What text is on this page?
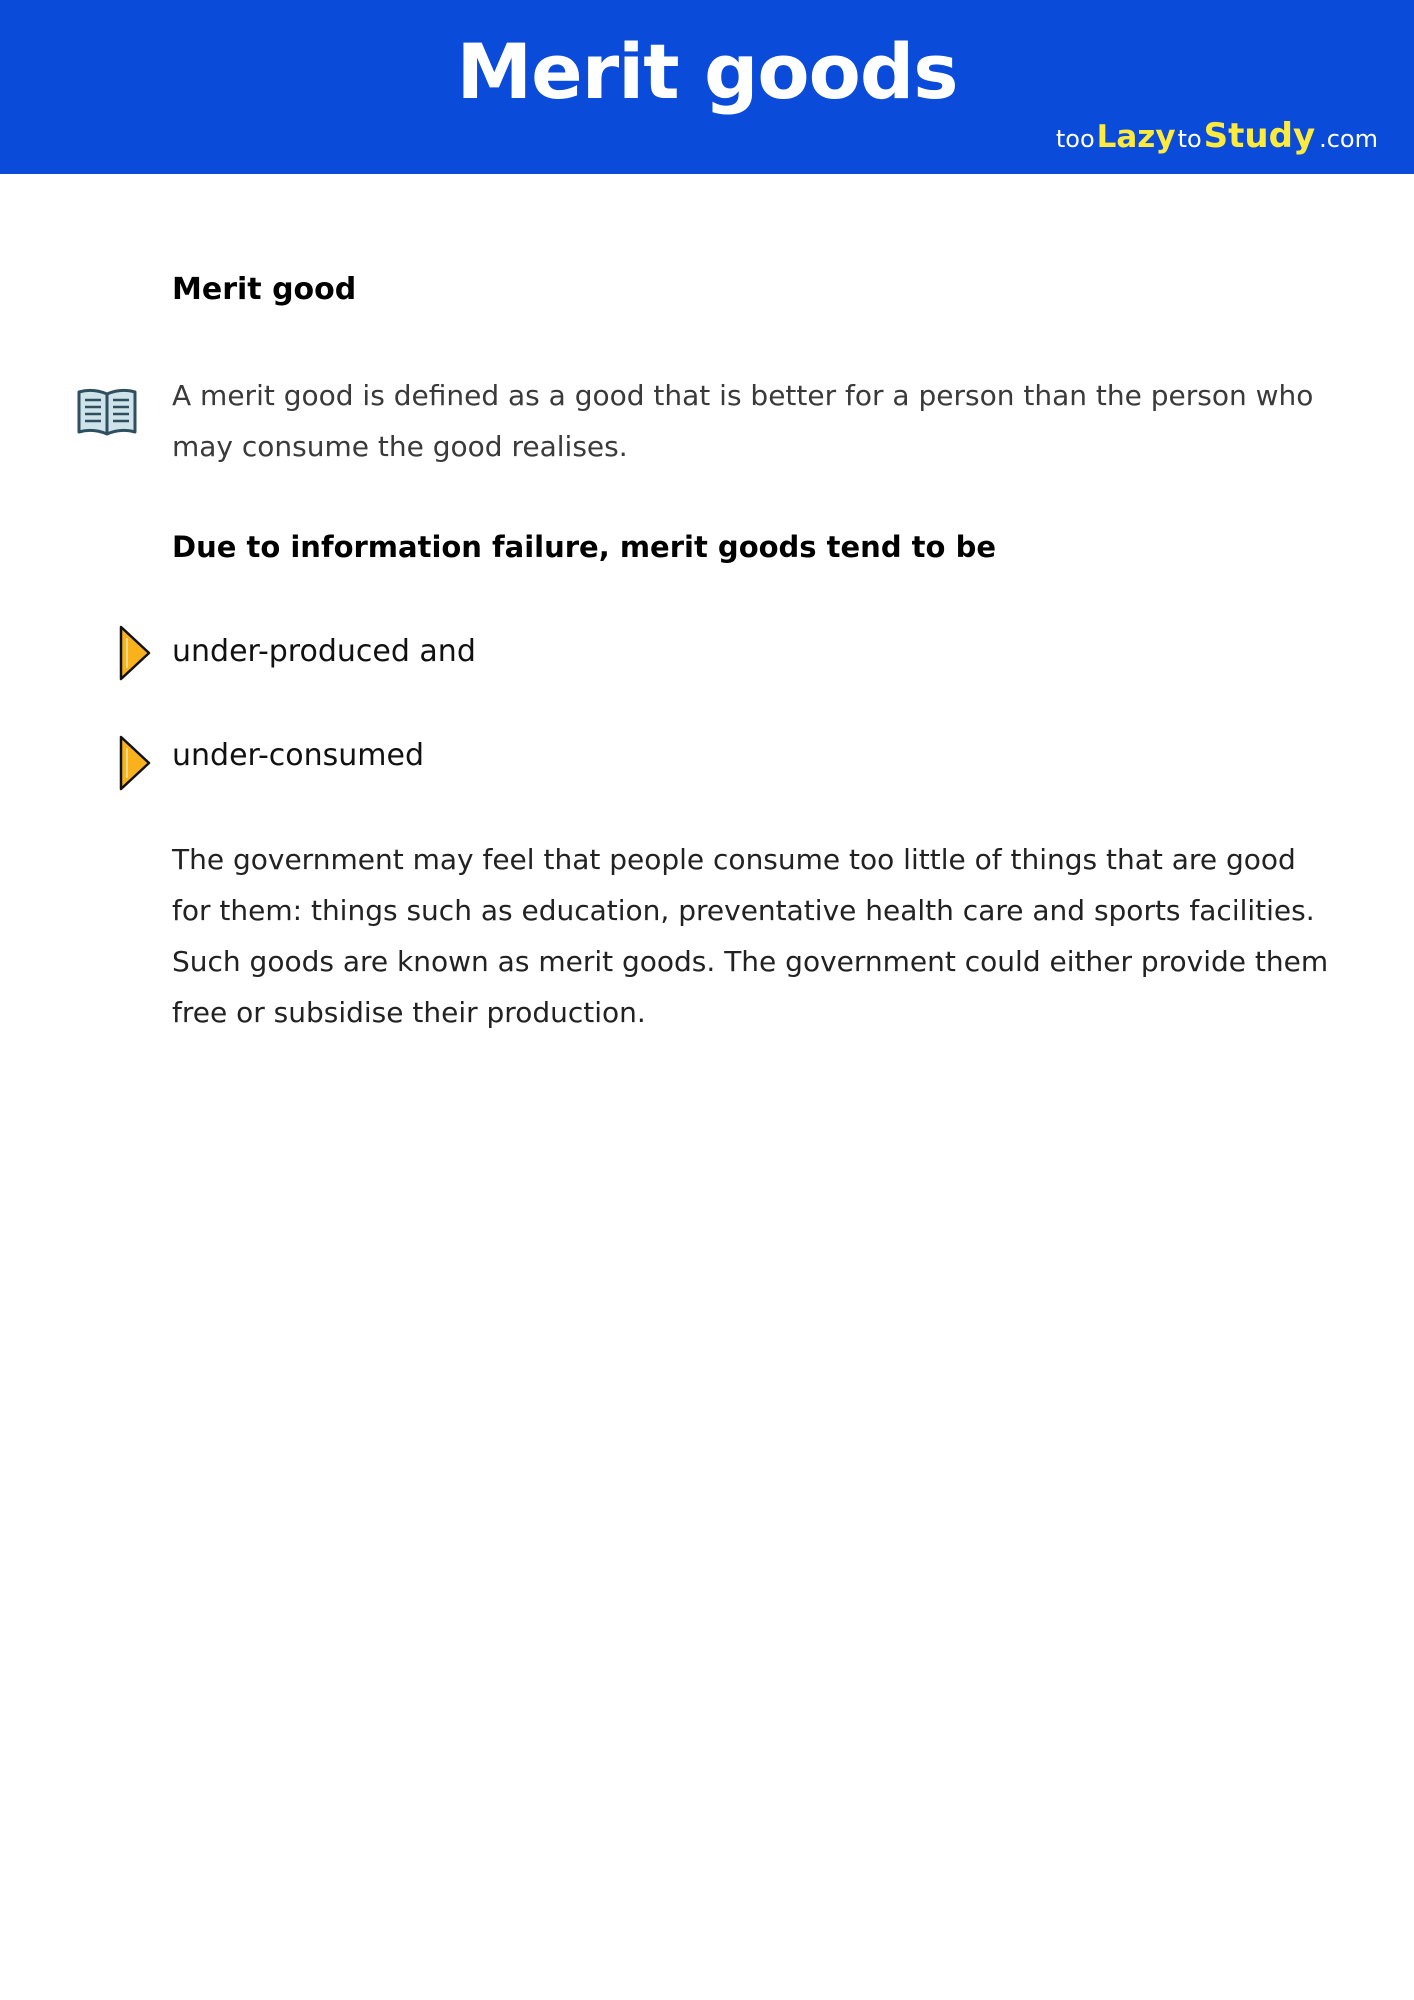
Merit goods
too Lazy to Study .com
Merit good
A merit good is defined as a good that is better for a person than the person who may consume the good realises.
Due to information failure, merit goods tend to be
under-produced and
under-consumed
The government may feel that people consume too little of things that are good for them: things such as education, preventative health care and sports facilities. Such goods are known as merit goods. The government could either provide them free or subsidise their production.
